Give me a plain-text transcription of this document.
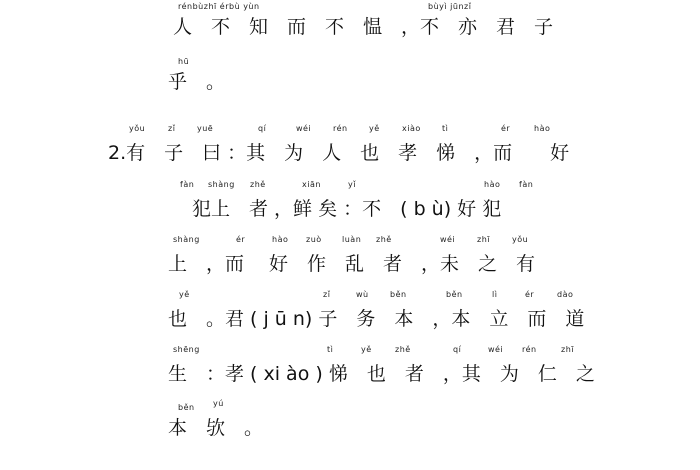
rénbùzhī érbù yùn	bùyì jūnzǐ
人　不　知　而　不　愠　，不　亦　君　子
hū
乎　。
yǒu	zǐ	yuē	qí	wéi	rén	yě	xiào	tì	ér	hào
2.有　子　曰 ：其　为　人　也　孝　悌　，而　　好
fàn shàng zhě	xiān	yǐ	hào fàn
犯上　者 ，鲜 矣 ：不　( b ù) 好 犯
shàng	ér	hào zuò	luàn zhě	wéi	zhī	yǒu
上　，而　 好　作　乱　者　，未　之　有
yě	zǐ	wù	běn	běn	lì	ér	dào
也　。君 ( j ū n) 子　务　本　，本　立　而　道
shēng	tì	yě	zhě	qí	wéi rén	zhī
生　：孝 ( xi ào ) 悌　也　者　，其　为　仁　之
běn yú
本　欤　。
